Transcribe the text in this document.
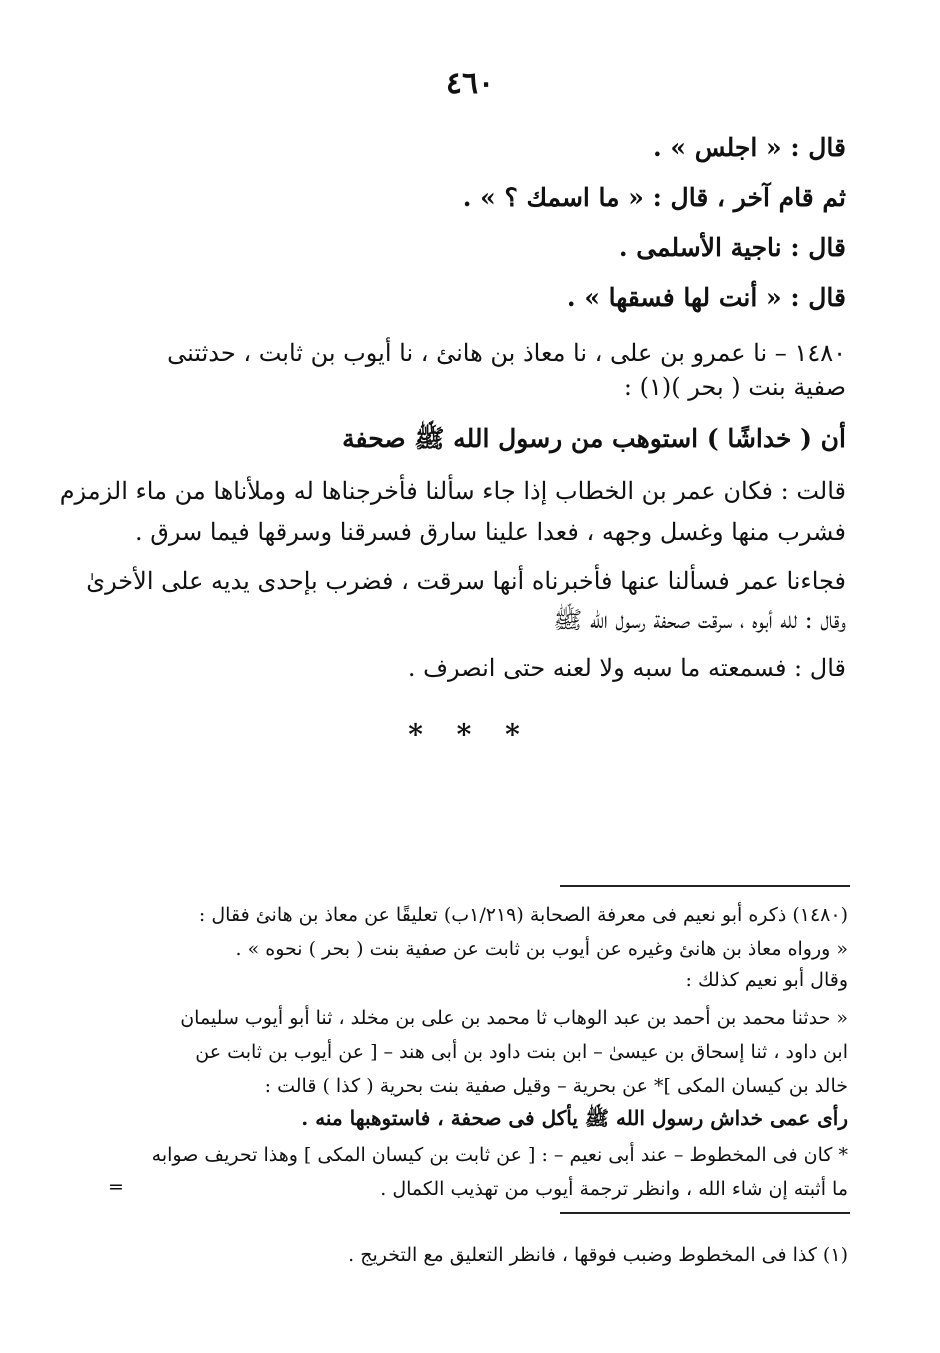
٤٦٠
قال : « اجلس » .
ثم قام آخر ، قال : « ما اسمك ؟ » .
قال : ناجية الأسلمى .
قال : « أنت لها فسقها » .
١٤٨٠ – نا عمرو بن على ، نا معاذ بن هانئ ، نا أيوب بن ثابت ، حدثتنى
صفية بنت ( بحر )(١) :
أن ( خداشًا ) استوهب من رسول الله ﷺ صحفة
قالت : فكان عمر بن الخطاب إذا جاء سألنا فأخرجناها له وملأناها من ماء الزمزم
فشرب منها وغسل وجهه ، فعدا علينا سارق فسرقنا وسرقها فيما سرق .
فجاءنا عمر فسألنا عنها فأخبرناه أنها سرقت ، فضرب بإحدى يديه على الأخرىٰ
وقال : لله أبوه ، سرقت صحفة رسول الله ﷺ
قال : فسمعته ما سبه ولا لعنه حتى انصرف .
* * *
(١٤٨٠) ذكره أبو نعيم فى معرفة الصحابة (١/٢١٩ب) تعليقًا عن معاذ بن هانئ فقال :
« ورواه معاذ بن هانئ وغيره عن أيوب بن ثابت عن صفية بنت ( بحر ) نحوه » .
وقال أبو نعيم كذلك :
« حدثنا محمد بن أحمد بن عبد الوهاب ثا محمد بن على بن مخلد ، ثنا أبو أيوب سليمان
ابن داود ، ثنا إسحاق بن عيسىٰ – ابن بنت داود بن أبى هند – [ عن أيوب بن ثابت عن
خالد بن كيسان المكى ]* عن بحرية – وقيل صفية بنت بحرية ( كذا ) قالت :
رأى عمى خداش رسول الله ﷺ يأكل فى صحفة ، فاستوهبها منه .
* كان فى المخطوط – عند أبى نعيم – : [ عن ثابت بن كيسان المكى ] وهذا تحريف صوابه
ما أثبته إن شاء الله ، وانظر ترجمة أيوب من تهذيب الكمال .
=
(١) كذا فى المخطوط وضبب فوقها ، فانظر التعليق مع التخريج .
